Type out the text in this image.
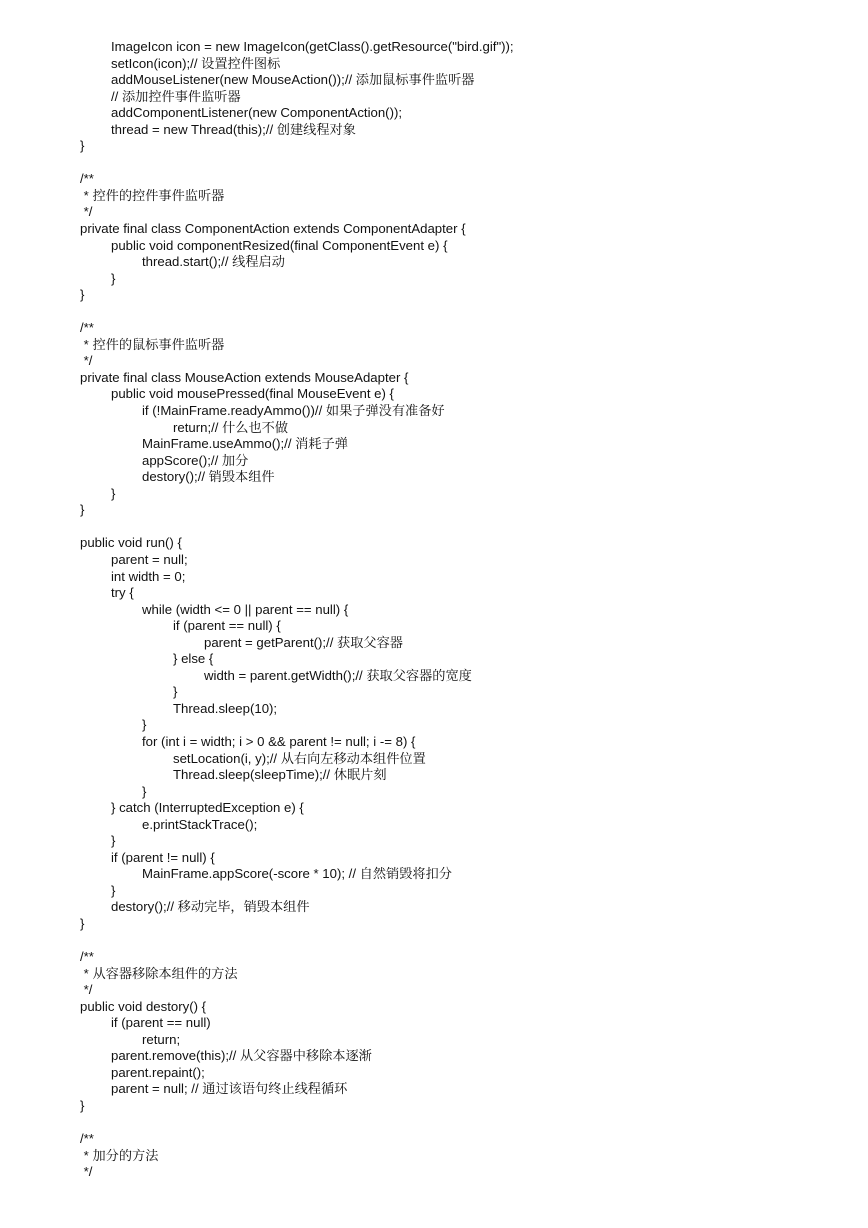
ImageIcon icon = new ImageIcon(getClass().getResource("bird.gif"));
setIcon(icon);// 设置控件图标
addMouseListener(new MouseAction());// 添加鼠标事件监听器
// 添加控件事件监听器
addComponentListener(new ComponentAction());
thread = new Thread(this);// 创建线程对象
}
/**
* 控件的控件事件监听器
*/
private final class ComponentAction extends ComponentAdapter {
public void componentResized(final ComponentEvent e) {
thread.start();// 线程启动
}
}
/**
* 控件的鼠标事件监听器
*/
private final class MouseAction extends MouseAdapter {
public void mousePressed(final MouseEvent e) {
if (!MainFrame.readyAmmo())// 如果子弹没有准备好
return;// 什么也不做
MainFrame.useAmmo();// 消耗子弹
appScore();// 加分
destory();// 销毁本组件
}
}
public void run() {
parent = null;
int width = 0;
try {
while (width <= 0 || parent == null) {
if (parent == null) {
parent = getParent();// 获取父容器
} else {
width = parent.getWidth();// 获取父容器的宽度
}
Thread.sleep(10);
}
for (int i = width; i > 0 && parent != null; i -= 8) {
setLocation(i, y);// 从右向左移动本组件位置
Thread.sleep(sleepTime);// 休眠片刻
}
} catch (InterruptedException e) {
e.printStackTrace();
}
if (parent != null) {
MainFrame.appScore(-score * 10); // 自然销毁将扣分
}
destory();// 移动完毕，销毁本组件
}
/**
* 从容器移除本组件的方法
*/
public void destory() {
if (parent == null)
return;
parent.remove(this);// 从父容器中移除本逐渐
parent.repaint();
parent = null; // 通过该语句终止线程循环
}
/**
* 加分的方法
*/
